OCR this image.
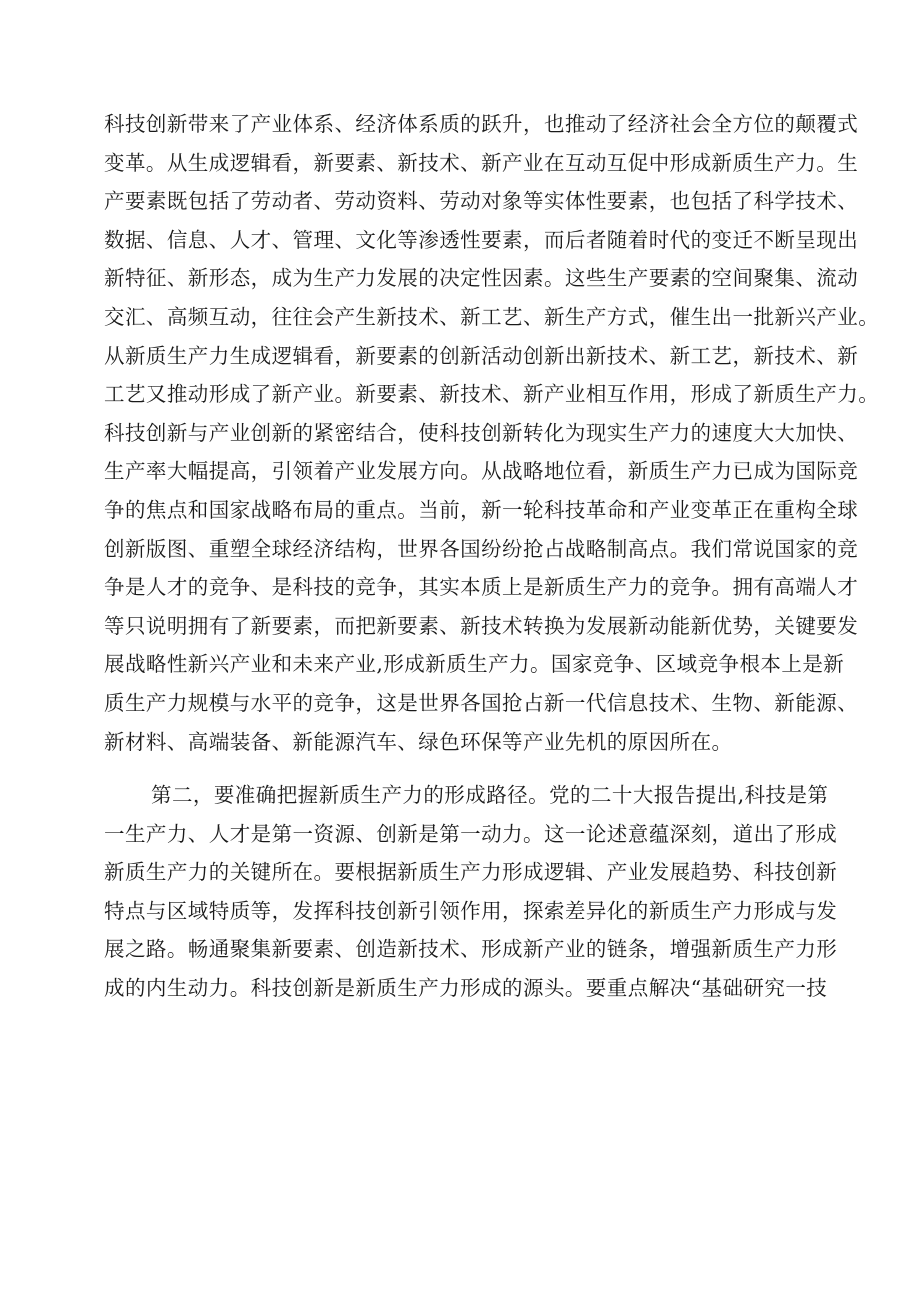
科技创新带来了产业体系、经济体系质的跃升，也推动了经济社会全方位的颠覆式
变革。从生成逻辑看，新要素、新技术、新产业在互动互促中形成新质生产力。生
产要素既包括了劳动者、劳动资料、劳动对象等实体性要素，也包括了科学技术、
数据、信息、人才、管理、文化等渗透性要素，而后者随着时代的变迁不断呈现出
新特征、新形态，成为生产力发展的决定性因素。这些生产要素的空间聚集、流动
交汇、高频互动，往往会产生新技术、新工艺、新生产方式，催生出一批新兴产业。
从新质生产力生成逻辑看，新要素的创新活动创新出新技术、新工艺，新技术、新
工艺又推动形成了新产业。新要素、新技术、新产业相互作用，形成了新质生产力。
科技创新与产业创新的紧密结合，使科技创新转化为现实生产力的速度大大加快、
生产率大幅提高，引领着产业发展方向。从战略地位看，新质生产力已成为国际竞
争的焦点和国家战略布局的重点。当前，新一轮科技革命和产业变革正在重构全球
创新版图、重塑全球经济结构，世界各国纷纷抢占战略制高点。我们常说国家的竞
争是人才的竞争、是科技的竞争，其实本质上是新质生产力的竞争。拥有高端人才
等只说明拥有了新要素，而把新要素、新技术转换为发展新动能新优势，关键要发
展战略性新兴产业和未来产业,形成新质生产力。国家竞争、区域竞争根本上是新
质生产力规模与水平的竞争，这是世界各国抢占新一代信息技术、生物、新能源、
新材料、高端装备、新能源汽车、绿色环保等产业先机的原因所在。
第二，要准确把握新质生产力的形成路径。党的二十大报告提出,科技是第
一生产力、人才是第一资源、创新是第一动力。这一论述意蕴深刻，道出了形成
新质生产力的关键所在。要根据新质生产力形成逻辑、产业发展趋势、科技创新
特点与区域特质等，发挥科技创新引领作用，探索差异化的新质生产力形成与发
展之路。畅通聚集新要素、创造新技术、形成新产业的链条，增强新质生产力形
成的内生动力。科技创新是新质生产力形成的源头。要重点解决“基础研究一技
